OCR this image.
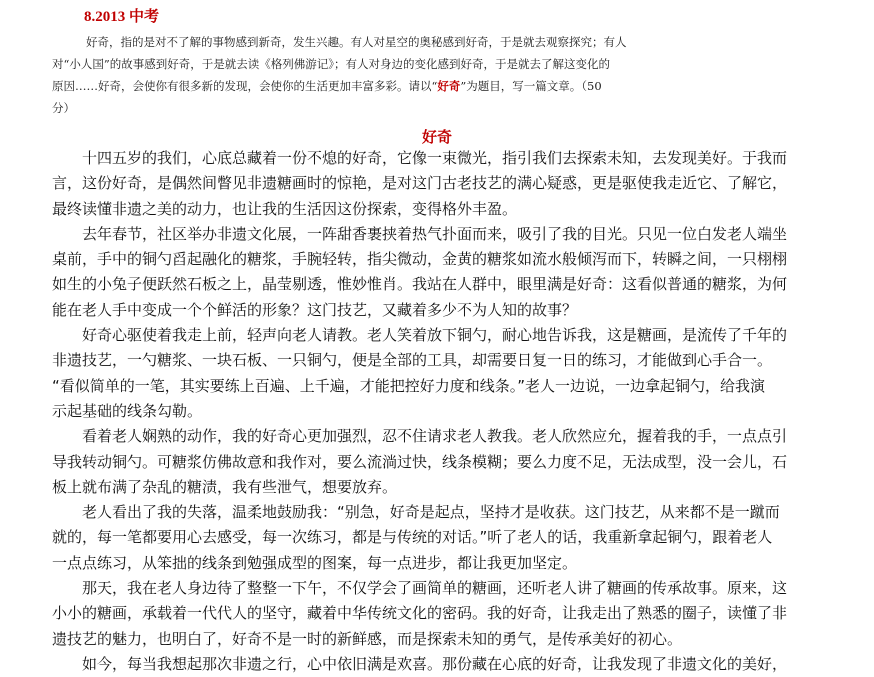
8.2013 中考
好奇，指的是对不了解的事物感到新奇，发生兴趣。有人对星空的奥秘感到好奇，于是就去观察探究；有人
对“小人国”的故事感到好奇，于是就去读《格列佛游记》；有人对身边的变化感到好奇，于是就去了解这变化的
原因……好奇，会使你有很多新的发现，会使你的生活更加丰富多彩。请以“好奇”为题目，写一篇文章。（50
分）
好奇
十四五岁的我们，心底总藏着一份不熄的好奇，它像一束微光，指引我们去探索未知，去发现美好。于我而
言，这份好奇，是偶然间瞥见非遗糖画时的惊艳，是对这门古老技艺的满心疑惑，更是驱使我走近它、了解它，
最终读懂非遗之美的动力，也让我的生活因这份探索，变得格外丰盈。
去年春节，社区举办非遗文化展，一阵甜香裹挟着热气扑面而来，吸引了我的目光。只见一位白发老人端坐
桌前，手中的铜勺舀起融化的糖浆，手腕轻转，指尖微动，金黄的糖浆如流水般倾泻而下，转瞬之间，一只栩栩
如生的小兔子便跃然石板之上，晶莹剔透，惟妙惟肖。我站在人群中，眼里满是好奇：这看似普通的糖浆，为何
能在老人手中变成一个个鲜活的形象？这门技艺，又藏着多少不为人知的故事？
好奇心驱使着我走上前，轻声向老人请教。老人笑着放下铜勺，耐心地告诉我，这是糖画，是流传了千年的
非遗技艺，一勺糖浆、一块石板、一只铜勺，便是全部的工具，却需要日复一日的练习，才能做到心手合一。
“看似简单的一笔，其实要练上百遍、上千遍，才能把控好力度和线条。”老人一边说，一边拿起铜勺，给我演
示起基础的线条勾勒。
看着老人娴熟的动作，我的好奇心更加强烈，忍不住请求老人教我。老人欣然应允，握着我的手，一点点引
导我转动铜勺。可糖浆仿佛故意和我作对，要么流淌过快，线条模糊；要么力度不足，无法成型，没一会儿，石
板上就布满了杂乱的糖渍，我有些泄气，想要放弃。
老人看出了我的失落，温柔地鼓励我：“别急，好奇是起点，坚持才是收获。这门技艺，从来都不是一蹴而
就的，每一笔都要用心去感受，每一次练习，都是与传统的对话。”听了老人的话，我重新拿起铜勺，跟着老人
一点点练习，从笨拙的线条到勉强成型的图案，每一点进步，都让我更加坚定。
那天，我在老人身边待了整整一下午，不仅学会了画简单的糖画，还听老人讲了糖画的传承故事。原来，这
小小的糖画，承载着一代代人的坚守，藏着中华传统文化的密码。我的好奇，让我走出了熟悉的圈子，读懂了非
遗技艺的魅力，也明白了，好奇不是一时的新鲜感，而是探索未知的勇气，是传承美好的初心。
如今，每当我想起那次非遗之行，心中依旧满是欢喜。那份藏在心底的好奇，让我发现了非遗文化的美好，
